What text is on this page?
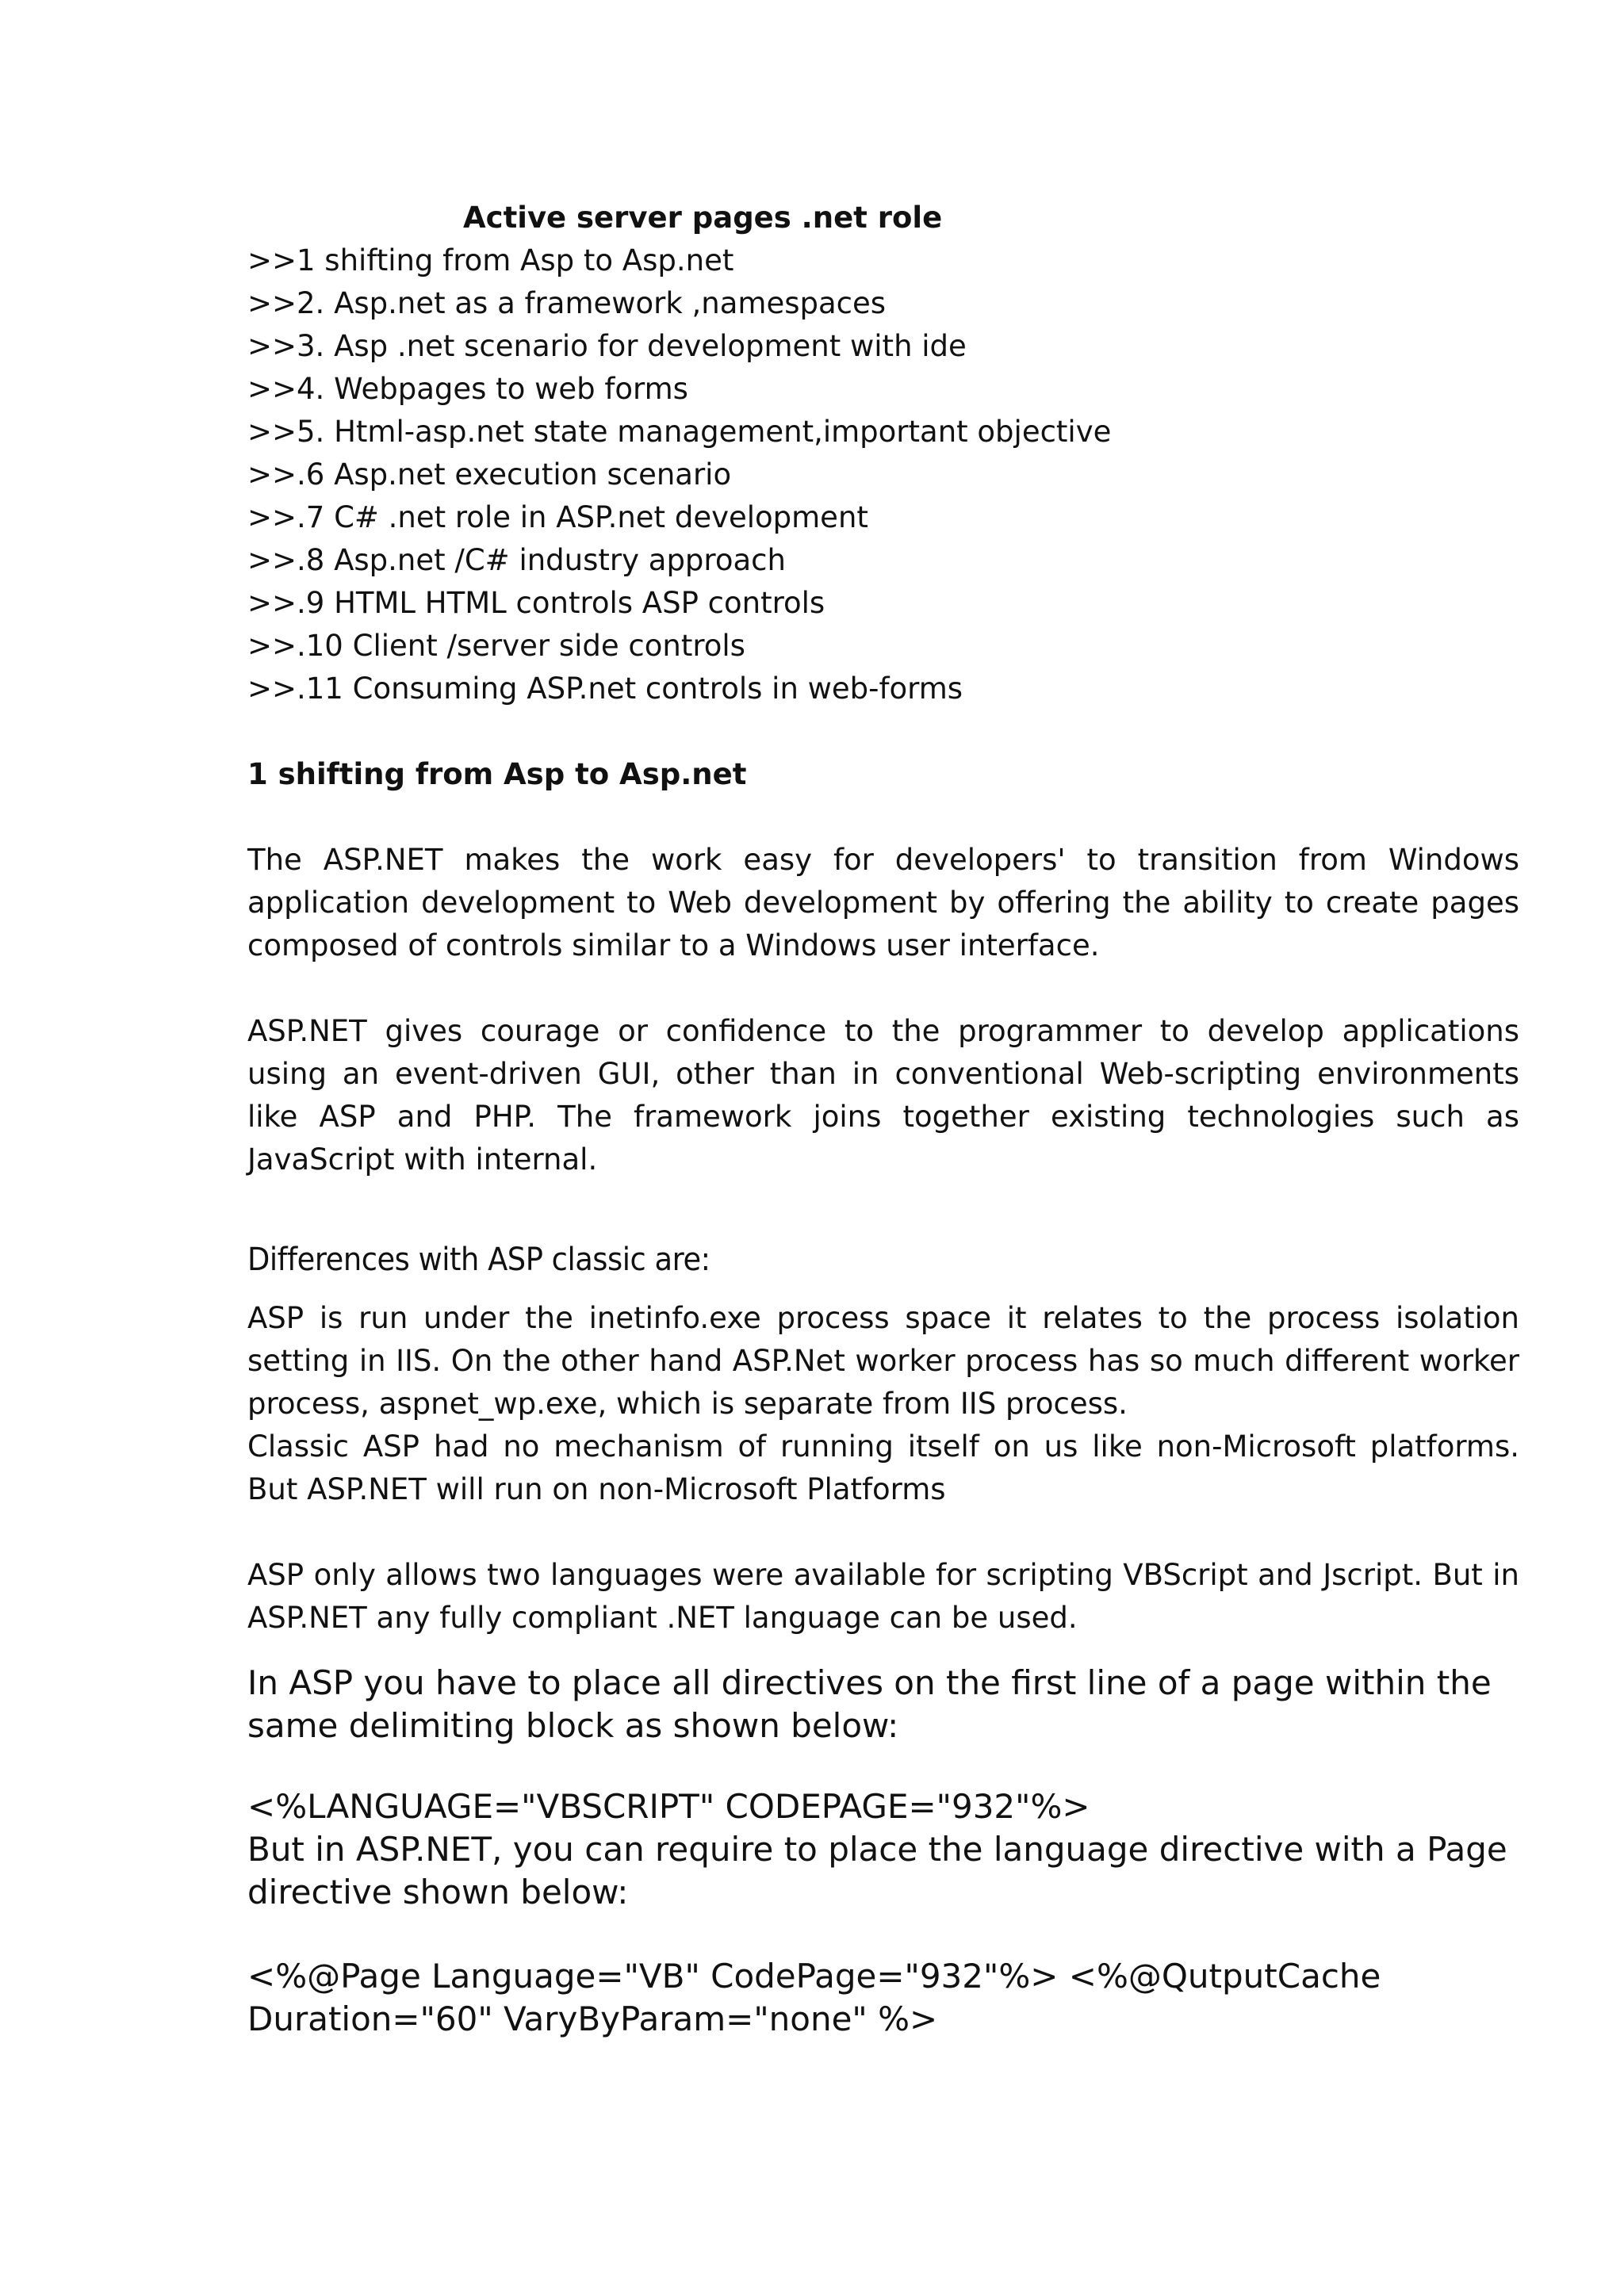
Active server pages .net role

>>1 shifting from Asp to Asp.net
>>2. Asp.net as a framework ,namespaces
>>3. Asp .net scenario for development with ide
>>4. Webpages to web forms
>>5. Html-asp.net state management,important objective
>>.6 Asp.net execution scenario
>>.7 C# .net role in ASP.net development
>>.8 Asp.net /C# industry approach
>>.9 HTML HTML controls ASP controls
>>.10 Client /server side controls
>>.11 Consuming ASP.net controls in web-forms

1 shifting from Asp to Asp.net

The ASP.NET makes the work easy for developers' to transition from Windows application development to Web development by offering the ability to create pages composed of controls similar to a Windows user interface.

ASP.NET gives courage or confidence to the programmer to develop applications using an event-driven GUI, other than in conventional Web-scripting environments like ASP and PHP. The framework joins together existing technologies such as JavaScript with internal.

Differences with ASP classic are:

ASP is run under the inetinfo.exe process space it relates to the process isolation setting in IIS. On the other hand ASP.Net worker process has so much different worker process, aspnet_wp.exe, which is separate from IIS process.

Classic ASP had no mechanism of running itself on us like non-Microsoft platforms. But ASP.NET will run on non-Microsoft Platforms

ASP only allows two languages were available for scripting VBScript and Jscript. But in ASP.NET any fully compliant .NET language can be used.

In ASP you have to place all directives on the first line of a page within the same delimiting block as shown below:

<%LANGUAGE="VBSCRIPT" CODEPAGE="932"%>

But in ASP.NET, you can require to place the language directive with a Page directive shown below:

<%@Page Language="VB" CodePage="932"%> <%@QutputCache Duration="60" VaryByParam="none" %>
